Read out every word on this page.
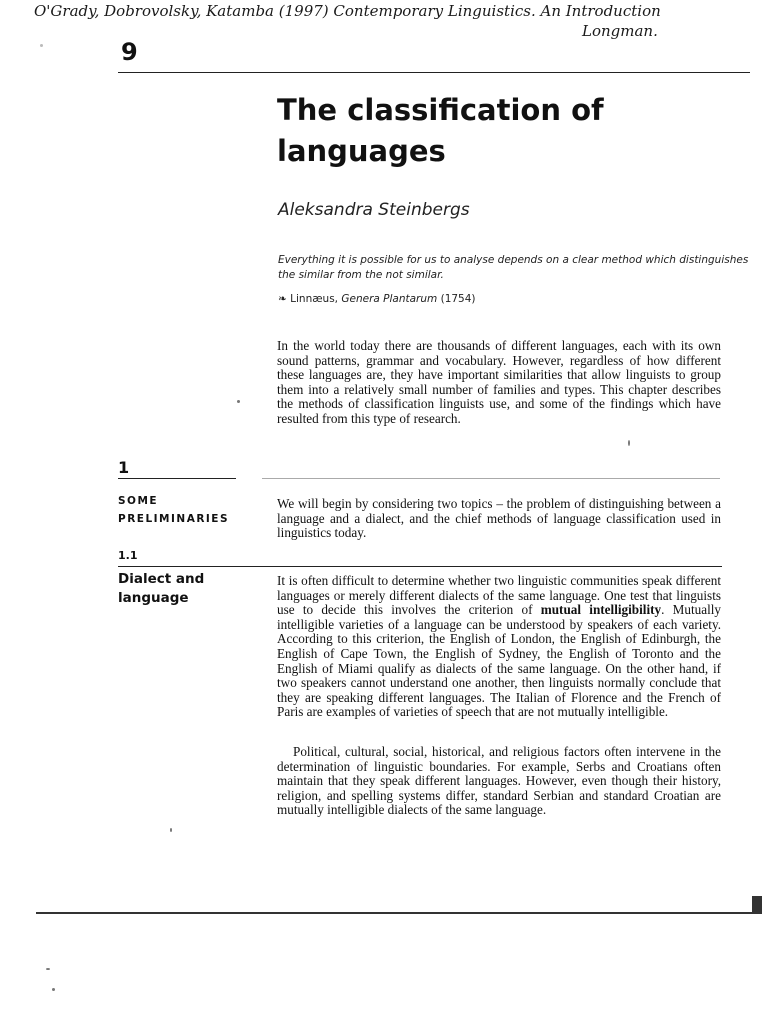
O'Grady, Dobrovolsky, Katamba (1997) Contemporary Linguistics. An Introduction
Longman.
9
The classification of
languages
Aleksandra Steinbergs
Everything it is possible for us to analyse depends on a clear method which distinguishes
the similar from the not similar.
❧ Linnæus, Genera Plantarum (1754)
In the world today there are thousands of different languages, each with its own sound patterns, grammar and vocabulary. However, regardless of how different these languages are, they have important similarities that allow linguists to group them into a relatively small number of families and types. This chapter describes the methods of classification linguists use, and some of the findings which have resulted from this type of research.
1
SOME
PRELIMINARIES
We will begin by considering two topics – the problem of distinguishing between a language and a dialect, and the chief methods of language classification used in linguistics today.
1.1
Dialect and
language
It is often difficult to determine whether two linguistic communities speak different languages or merely different dialects of the same language. One test that linguists use to decide this involves the criterion of mutual intelligibility. Mutually intelligible varieties of a language can be understood by speakers of each variety. According to this criterion, the English of London, the English of Edinburgh, the English of Cape Town, the English of Sydney, the English of Toronto and the English of Miami qualify as dialects of the same language. On the other hand, if two speakers cannot understand one another, then linguists normally conclude that they are speaking different languages. The Italian of Florence and the French of Paris are examples of varieties of speech that are not mutually intelligible.
Political, cultural, social, historical, and religious factors often intervene in the determination of linguistic boundaries. For example, Serbs and Croatians often maintain that they speak different languages. However, even though their history, religion, and spelling systems differ, standard Serbian and standard Croatian are mutually intelligible dialects of the same language.
